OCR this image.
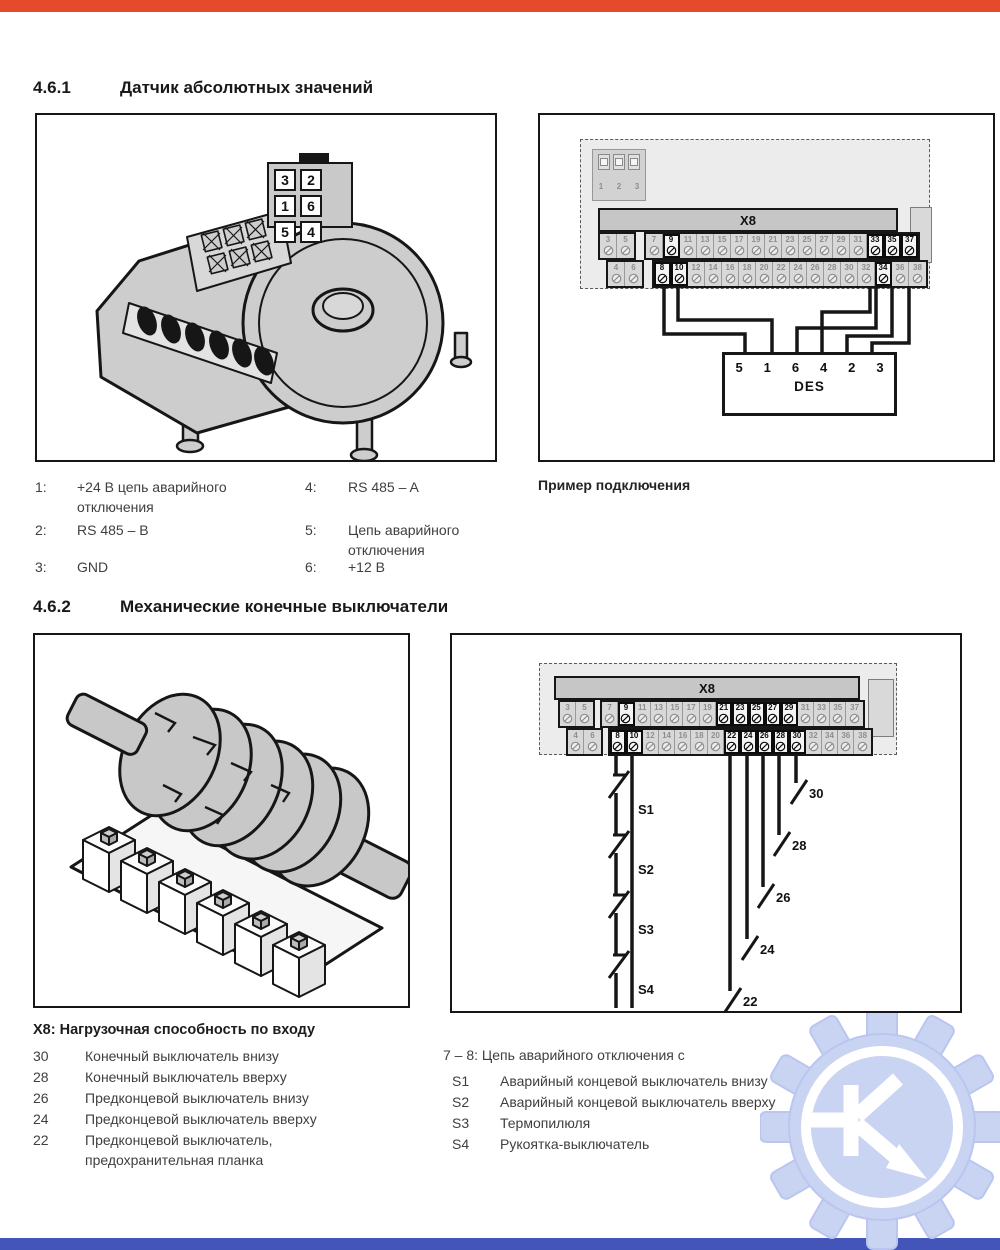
4.6.1	Датчик абсолютных значений
3	2
1	6
5	4
1	2	3
5	1	6	4	2	3
DES
X8
3 5	7 9 11 13 15 17 19 21 23 25 27 29 31 33 35 37
4 6	8 10 12 14 16 18 20 22 24 26 28 30 32 34 36 38
Пример подключения
1:	+24 В цепь аварийного
отключения
2:	RS 485 – B
3:	GND
4:	RS 485 – A
5:	Цепь аварийного
отключения
6:	+12 В
4.6.2	Механические конечные выключатели
S1
S2
S3
S4
30
28
26
24
22
X8
3 5	7 9 11 13 15 17 19 21 23 25 27 29 31 33 35 37
4 6	8 10 12 14 16 18 20 22 24 26 28 30 32 34 36 38
X8: Нагрузочная способность по входу
30	Конечный выключатель внизу
28	Конечный выключатель вверху
26	Предконцевой выключатель внизу
24	Предконцевой выключатель вверху
22	Предконцевой выключатель,
предохранительная планка
7 – 8: Цепь аварийного отключения с
S1	Аварийный концевой выключатель внизу
S2	Аварийный концевой выключатель вверху
S3	Термопилюля
S4	Рукоятка-выключатель
